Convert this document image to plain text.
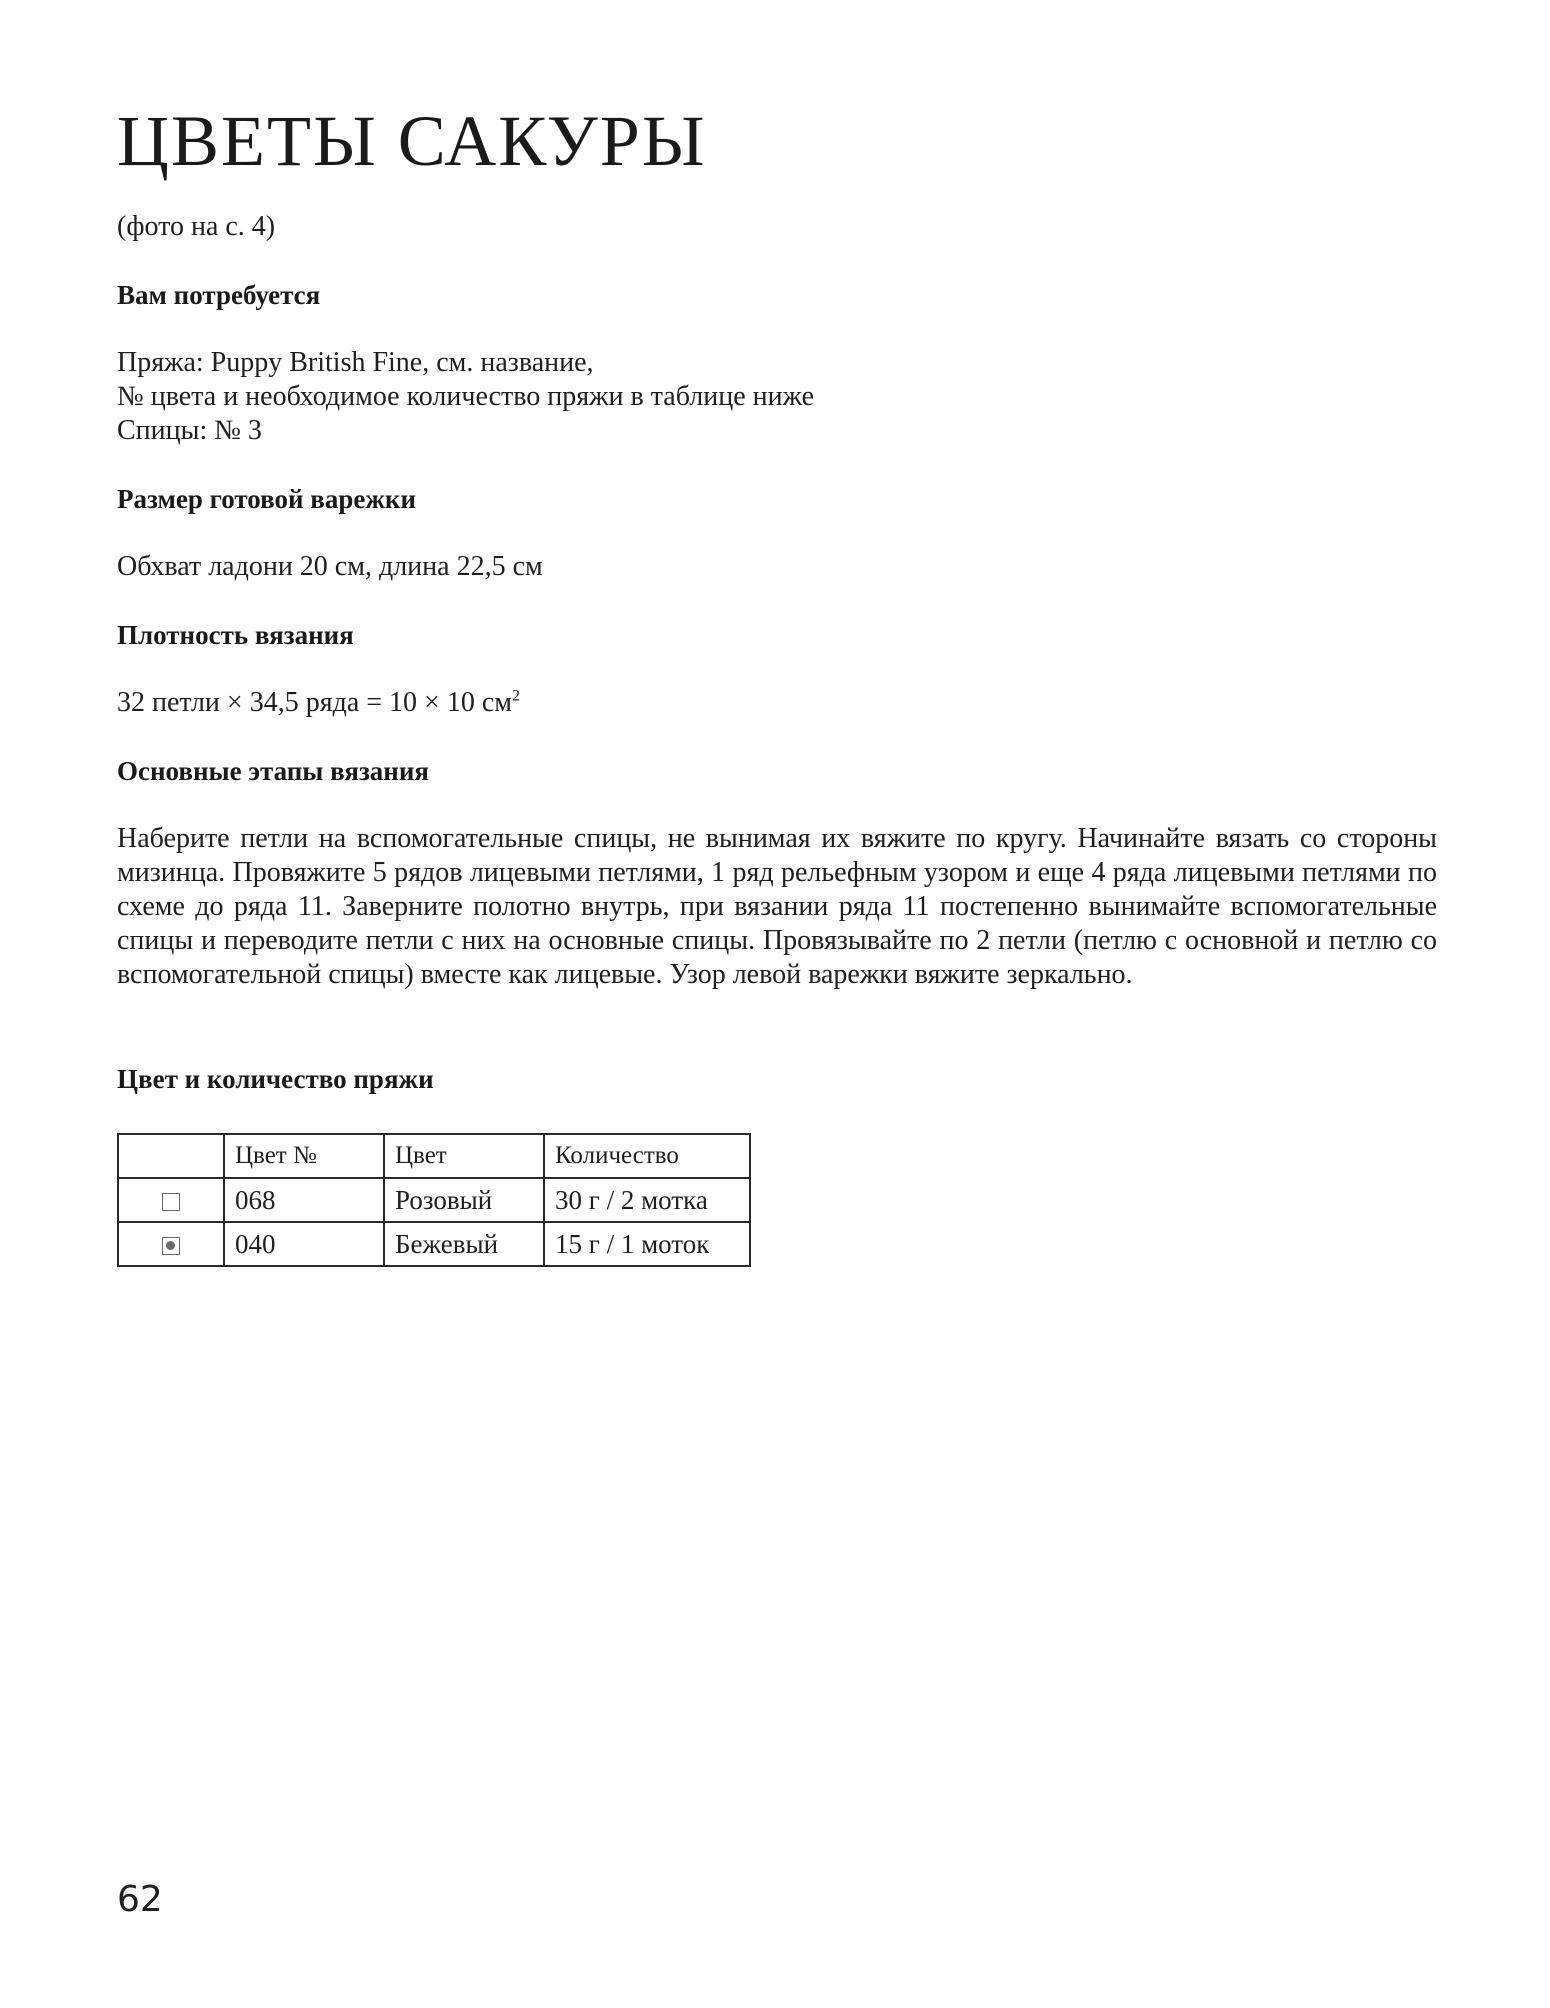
ЦВЕТЫ САКУРЫ
(фото на с. 4)
Вам потребуется
Пряжа: Puppy British Fine, см. название,
№ цвета и необходимое количество пряжи в таблице ниже
Спицы: № 3
Размер готовой варежки

Обхват ладони 20 см, длина 22,5 см

Плотность вязания

32 петли × 34,5 ряда = 10 × 10 $см^2$

Основные этапы вязания

Наберите петли на вспомогательные спицы, не вынимая их вяжите по кругу. Начинайте вязать со стороны мизинца. Провяжите 5 рядов лицевыми петлями, 1 ряд рельефным узором и еще 4 ряда лицевыми петлями по схеме до ряда 11. Заверните полотно внутрь, при вязании ряда 11 постепенно вынимайте вспомогательные спицы и переводите петли с них на основные спицы. Провязывайте по 2 петли (петлю с основной и петлю со вспомогательной спицы) вместе как лицевые. Узор левой варежки вяжите зеркально.

Цвет и количество пряжи
	Цвет №	Цвет	Количество
	068	Розовый	30 г / 2 мотка
	040	Бежевый	15 г / 1 моток
62
